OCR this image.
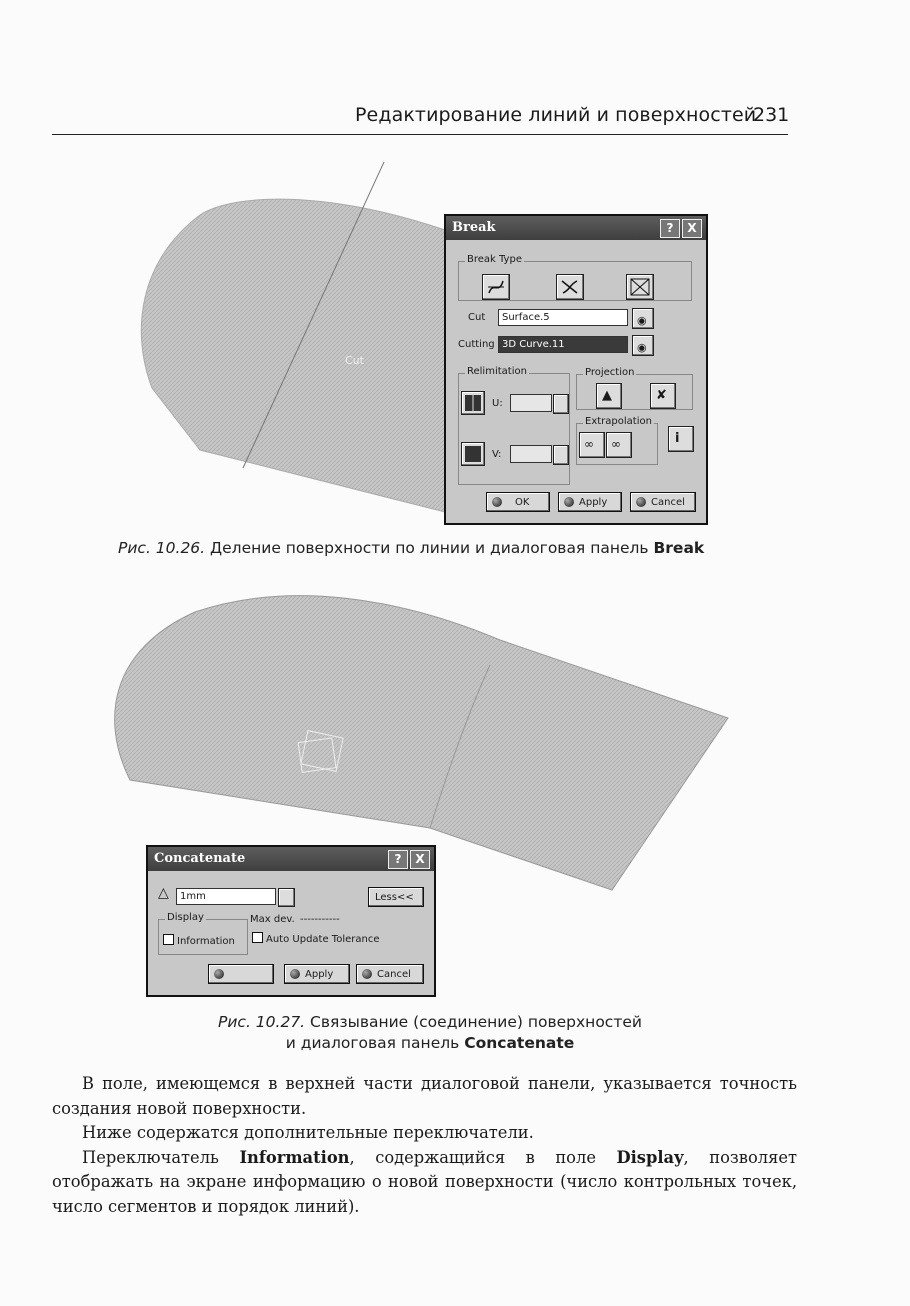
Редактирование линий и поверхностей
231
Cut
Break	?	X
Break Type
Cut	Surface.5	◉
Cutting 3D Curve.11	◉
Relimitation
U:
V:
Projection
▲	✘
Extrapolation
∞	∞	i
OK	Apply	Cancel
Рис. 10.26. Деление поверхности по линии и диалоговая панель Break
Concatenate	?	X
△	1mm	Less<<
Display	Max dev. -----------
Information	Auto Update Tolerance
Apply	Cancel
Рис. 10.27. Связывание (соединение) поверхностей
и диалоговая панель Concatenate

В поле, имеющемся в верхней части диалоговой панели, указывается точность создания новой поверхности.

Ниже содержатся дополнительные переключатели.

Переключатель Information, содержащийся в поле Display, позволяет отображать на экране информацию о новой поверхности (число контрольных точек, число сегментов и порядок линий).
